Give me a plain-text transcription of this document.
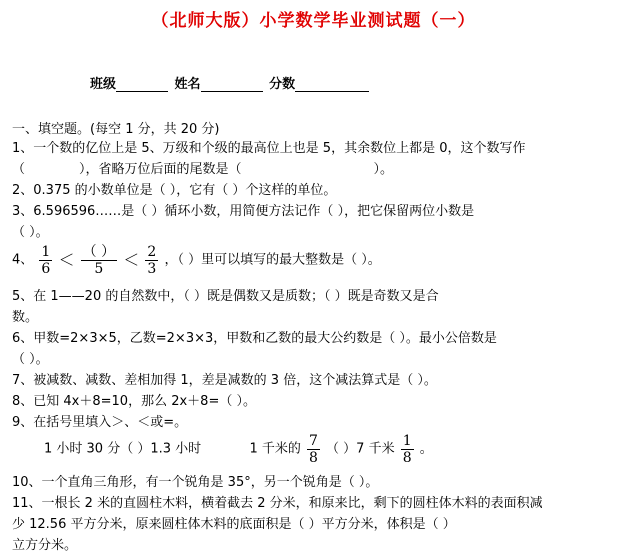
（北师大版）小学数学毕业测试题（一）
班级	姓名	分数
一、填空题。(每空 1 分，共 20 分)
1、一个数的亿位上是 5、万级和个级的最高位上也是 5，其余数位上都是 0，这个数写作
（	），省略万位后面的尾数是（	）。
2、0.375 的小数单位是（ ），它有（ ）个这样的单位。
3、6.596596……是（ ）循环小数，用简便方法记作（ ），把它保留两位小数是
（ ）。
4、 $\frac{1}{6} < \frac{( )}{5} < \frac{2}{3}$ ，（ ）里可以填写的最大整数是（ ）。
5、在 1——20 的自然数中，（ ）既是偶数又是质数；（ ）既是奇数又是合
数。
6、甲数=2×3×5，乙数=2×3×3，甲数和乙数的最大公约数是（ ）。最小公倍数是
（ ）。
7、被减数、减数、差相加得 1，差是减数的 3 倍，这个减法算式是（ ）。
8、已知 4x＋8=10，那么 2x＋8=（ ）。
9、在括号里填入＞、＜或=。
1 小时 30 分（ ）1.3 小时	1 千米的 $\frac{7}{8}$ （ ）7 千米 $\frac{1}{8}$ 。
10、一个直角三角形，有一个锐角是 35°，另一个锐角是（ ）。
11、一根长 2 米的直圆柱木料，横着截去 2 分米，和原来比，剩下的圆柱体木料的表面积减
少 12.56 平方分米，原来圆柱体木料的底面积是（ ）平方分米，体积是（ ）
立方分米。
